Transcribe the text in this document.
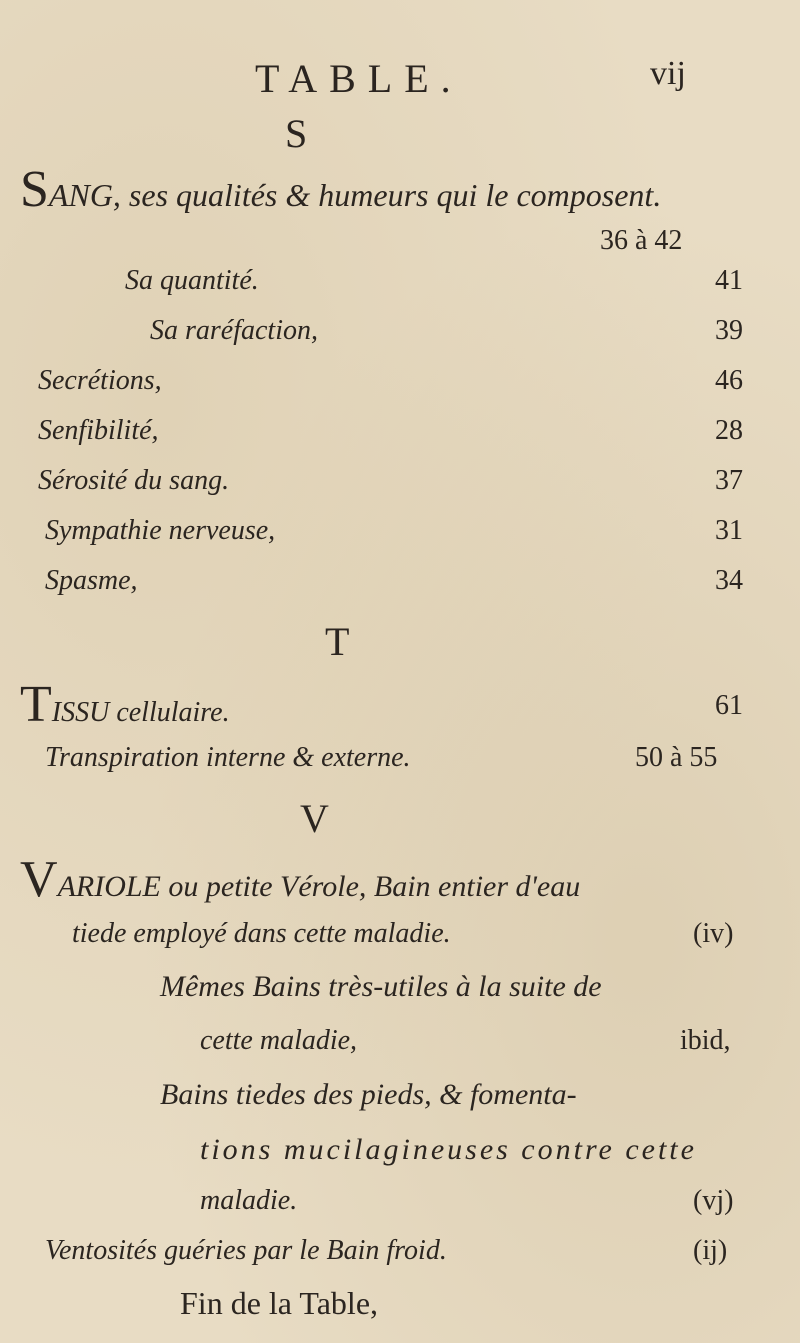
TABLE.	vij
S
SANG, ses qualités & humeurs qui le composent.
36 à 42
Sa quantité.	41
Sa raréfaction,	39
Secrétions,	46
Senfibilité,	28
Sérosité du sang.	37
Sympathie nerveuse,	31
Spasme,	34
T
TISSU cellulaire.	61
Transpiration interne & externe.	50 à 55
V
VARIOLE ou petite Vérole, Bain entier d'eau
tiede employé dans cette maladie.	(iv)
Mêmes Bains très-utiles à la suite de
cette maladie,	ibid,
Bains tiedes des pieds, & fomenta-
tions mucilagineuses contre cette
maladie.	(vj)
Ventosités guéries par le Bain froid.	(ij)
Fin de la Table,
